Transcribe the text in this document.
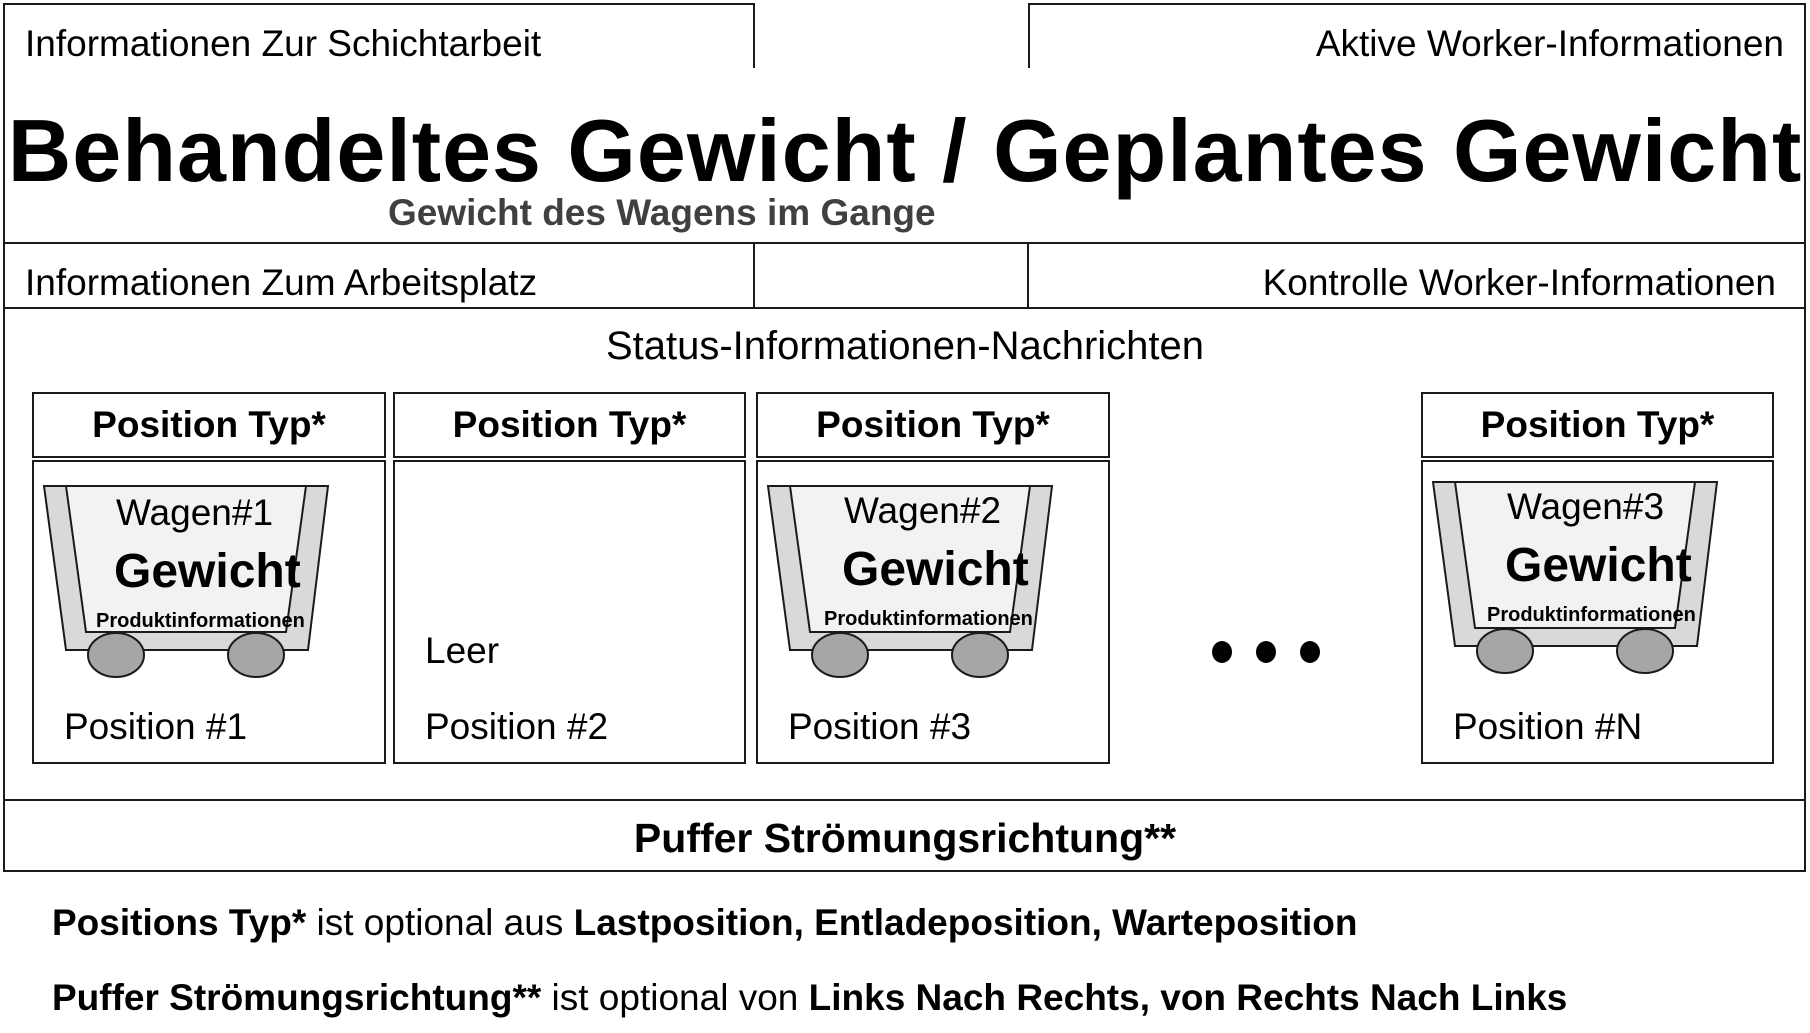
Informationen Zur Schichtarbeit	Aktive Worker-Informationen
Behandeltes Gewicht / Geplantes Gewicht
Gewicht des Wagens im Gange
Informationen Zum Arbeitsplatz	Kontrolle Worker-Informationen
Status-Informationen-Nachrichten
Position Typ*
Wagen#1
Gewicht
Produktinformationen
Position #1
Position Typ*
Leer
Position #2
Position Typ*
Wagen#2
Gewicht
Produktinformationen
Position #3
Position Typ*
Wagen#3
Gewicht
Produktinformationen
Position #N
Puffer Strömungsrichtung**
Positions Typ* ist optional aus Lastposition, Entladeposition, Warteposition
Puffer Strömungsrichtung** ist optional von Links Nach Rechts, von Rechts Nach Links
